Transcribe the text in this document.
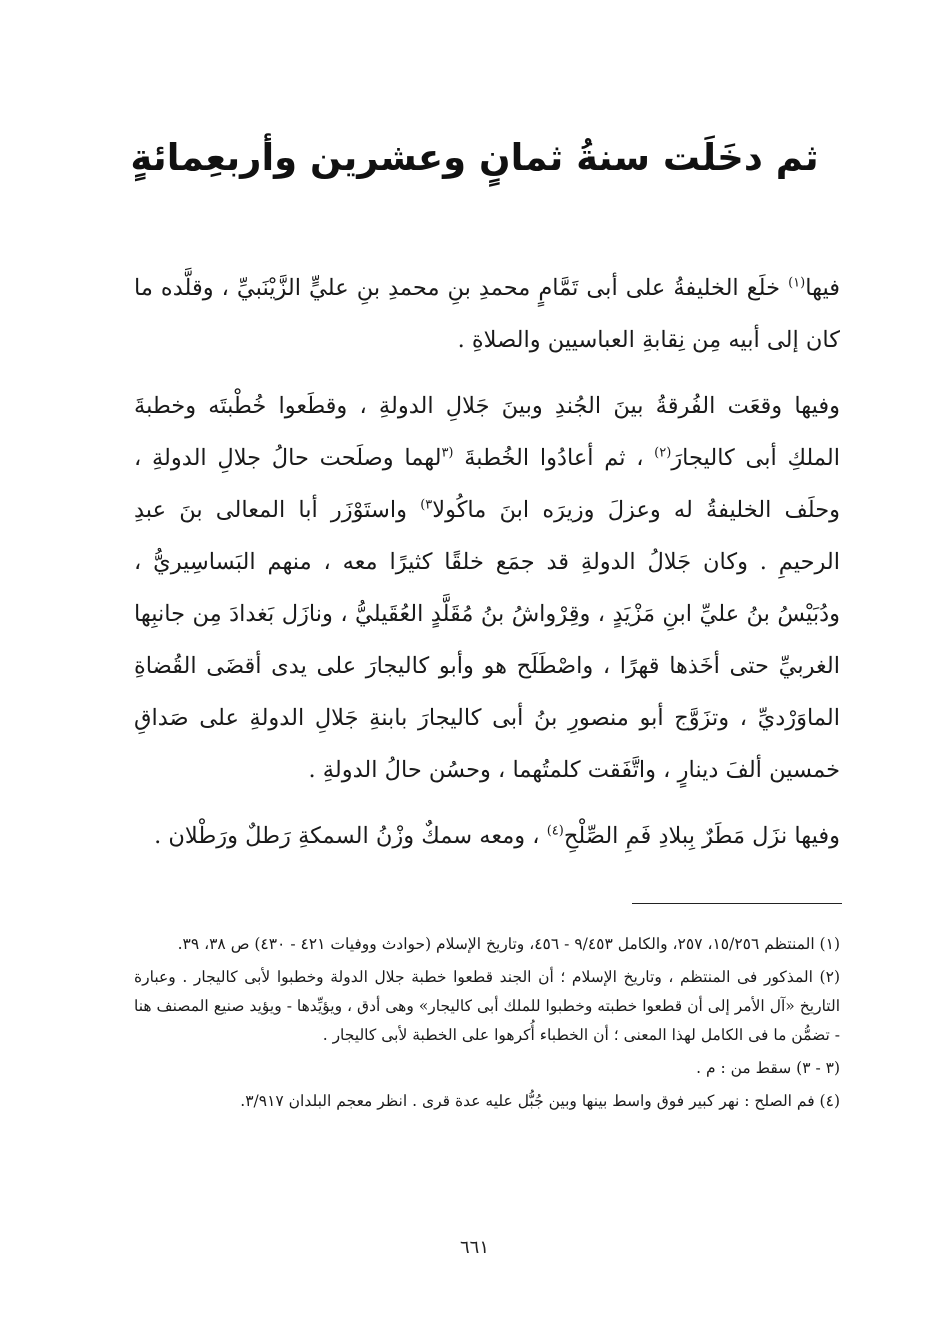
ثم دخَلَت سنةُ ثمانٍ وعشرين وأربعِمائةٍ

فيها$^{(١)}$ خلَع الخليفةُ على أبى تَمَّامٍ محمدِ بنِ محمدِ بنِ عليٍّ الزَّيْنَبيِّ ، وقلَّده ما كان إلى أبيه مِن نِقابةِ العباسيين والصلاةِ .

وفيها وقعَت الفُرقةُ بينَ الجُندِ وبينَ جَلالِ الدولةِ ، وقطَعوا خُطْبتَه وخطبةَ الملكِ أبى كاليجارَ$^{(٢)}$ ، ثم أعادُوا الخُطبةَ $^{(٣}$لهما وصلَحت حالُ جلالِ الدولةِ ، وحلَف الخليفةُ له وعزلَ وزيرَه ابنَ ماكُولا$^{٣)}$ واستَوْزَر أبا المعالى بنَ عبدِ الرحيمِ . وكان جَلالُ الدولةِ قد جمَع خلقًا كثيرًا معه ، منهم البَساسِيريُّ ، ودُبَيْسُ بنُ عليِّ ابنِ مَزْيَدٍ ، وقِرْواشُ بنُ مُقَلَّدٍ العُقَيليُّ ، ونازَل بَغدادَ مِن جانبِها الغربيِّ حتى أخَذها قهرًا ، واصْطَلَح هو وأبو كاليجارَ على يدى أقضَى القُضاةِ الماوَرْديِّ ، وتزَوَّج أبو منصورِ بنُ أبى كاليجارَ بابنةِ جَلالِ الدولةِ على صَداقِ خمسين ألفَ دينارٍ ، واتَّفَقت كلمتُهما ، وحسُن حالُ الدولةِ .

وفيها نزَل مَطَرٌ بِبلادِ فَمِ الصِّلْحِ$^{(٤)}$ ، ومعه سمكٌ وزْنُ السمكةِ رَطلٌ ورَطْلان .

(١) المنتظم ١٥/٢٥٦، ٢٥٧، والكامل ٩/٤٥٣ - ٤٥٦، وتاريخ الإسلام (حوادث ووفيات ٤٢١ - ٤٣٠) ص ٣٨، ٣٩.

(٢) المذكور فى المنتظم ، وتاريخ الإسلام ؛ أن الجند قطعوا خطبة جلال الدولة وخطبوا لأبى كاليجار . وعبارة التاريخ «آل الأمر إلى أن قطعوا خطبته وخطبوا للملك أبى كاليجار» وهى أدق ، ويؤيِّدها - ويؤيد صنيع المصنف هنا - تضمُّن ما فى الكامل لهذا المعنى ؛ أن الخطباء أُكرهوا على الخطبة لأبى كاليجار .

(٣ - ٣) سقط من : م .

(٤) فم الصلح : نهر كبير فوق واسط بينها وبين جُبُّل عليه عدة قرى . انظر معجم البلدان ٣/٩١٧.

٦٦١
